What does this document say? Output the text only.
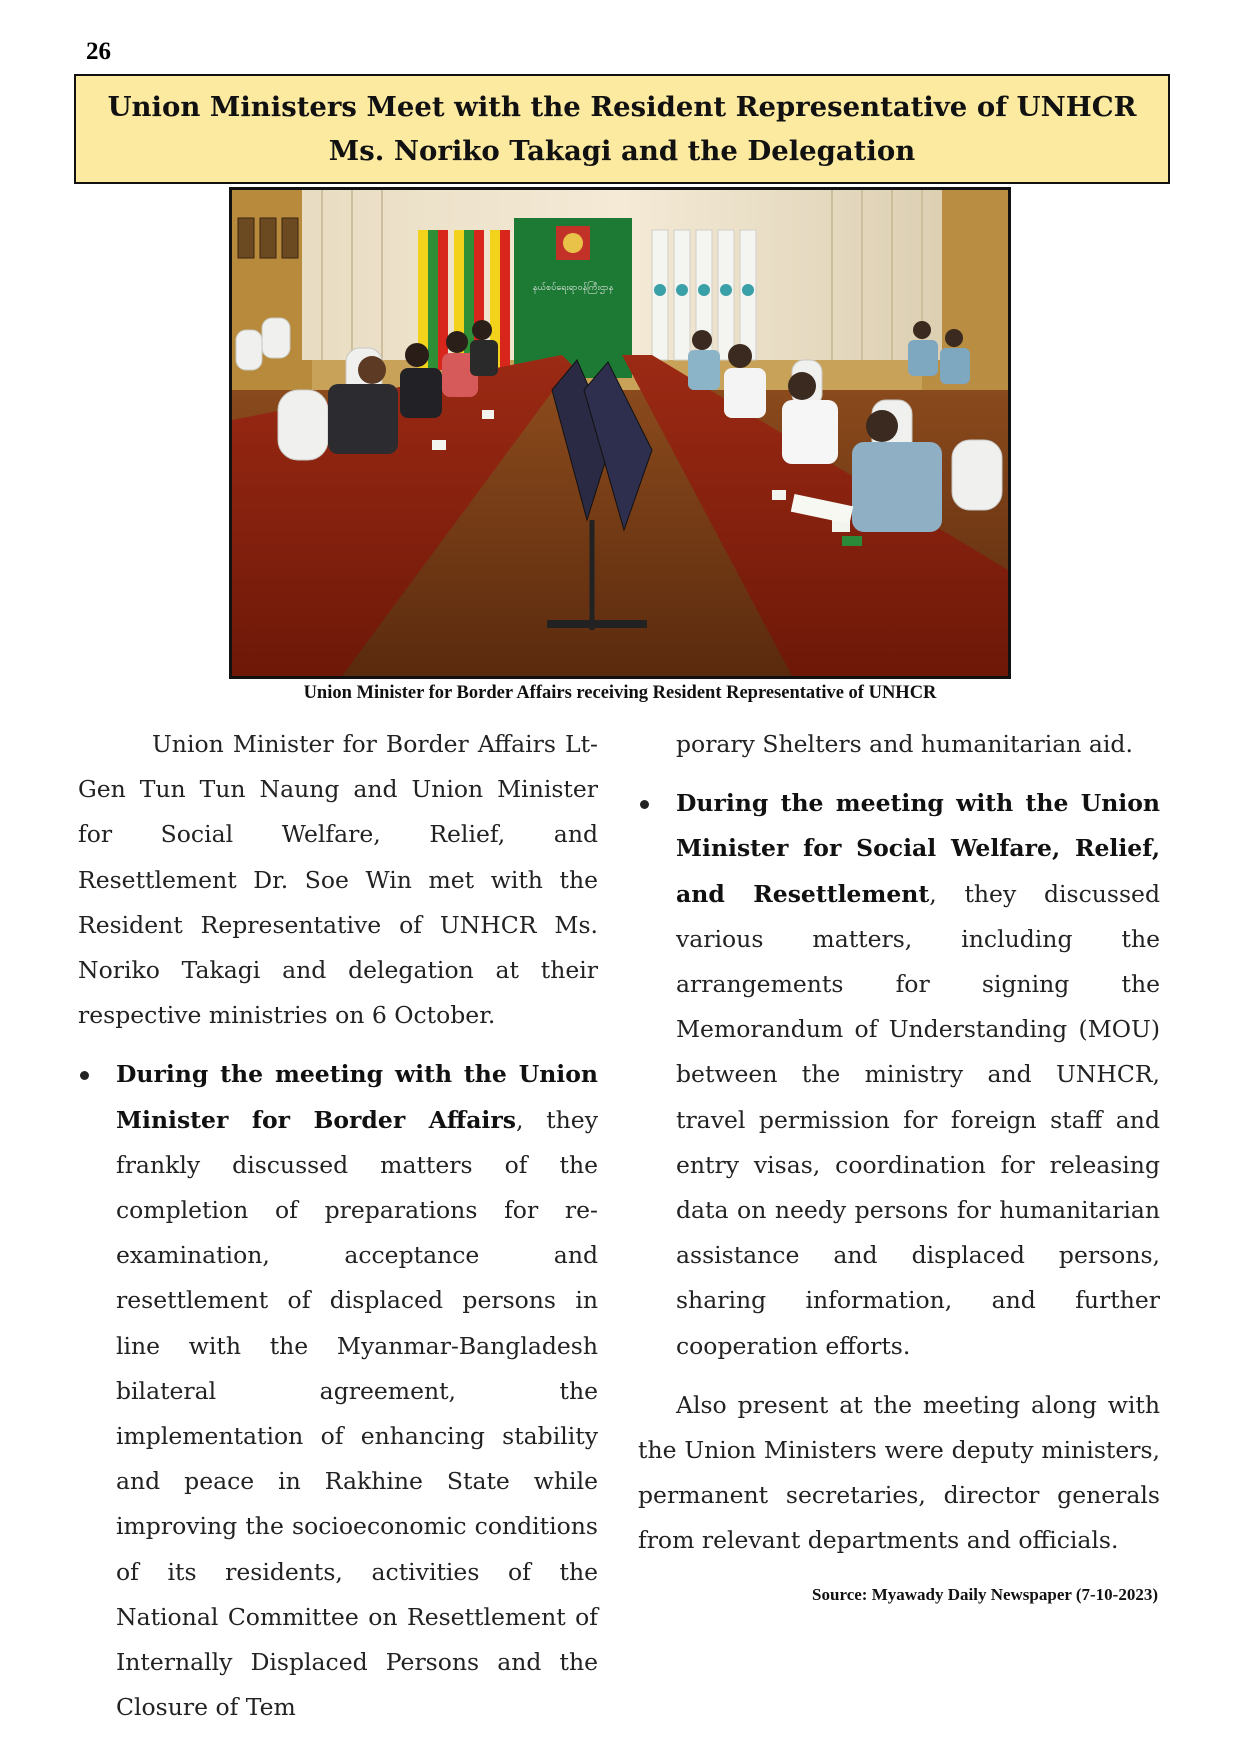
26
Union Ministers Meet with the Resident Representative of UNHCR Ms. Noriko Takagi and the Delegation
နယ်စပ်ရေးရာဝန်ကြီးဌာန
Union Minister for Border Affairs receiving Resident Representative of UNHCR

Union Minister for Border Affairs Lt-Gen Tun Tun Naung and Union Minister for Social Welfare, Relief, and Resettlement Dr. Soe Win met with the Resident Representative of UNHCR Ms. Noriko Takagi and delegation at their respective ministries on 6 October.

During the meeting with the Union Minister for Border Affairs, they frankly discussed matters of the completion of preparations for re-examination, acceptance and resettlement of displaced persons in line with the Myanmar-Bangladesh bilateral agreement, the implementation of enhancing stability and peace in Rakhine State while improving the socioeconomic conditions of its residents, activities of the National Committee on Resettlement of Internally Displaced Persons and the Closure of Tem

porary Shelters and humanitarian aid.

During the meeting with the Union Minister for Social Welfare, Relief, and Resettlement, they discussed various matters, including the arrangements for signing the Memorandum of Understanding (MOU) between the ministry and UNHCR, travel permission for foreign staff and entry visas, coordination for releasing data on needy persons for humanitarian assistance and displaced persons, sharing information, and further cooperation efforts.

Also present at the meeting along with the Union Ministers were deputy ministers, permanent secretaries, director generals from relevant departments and officials.

Source: Myawady Daily Newspaper (7-10-2023)
